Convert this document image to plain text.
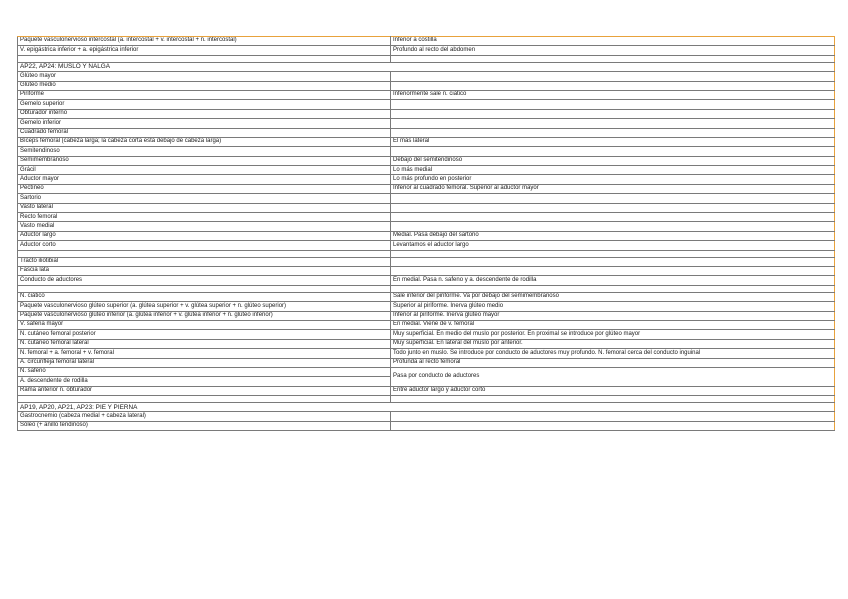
Paquete vasculonervioso intercostal (a. intercostal + v. intercostal + n. intercostal)	Inferior a costilla
V. epigástrica inferior + a. epigástrica inferior	Profundo al recto del abdomen

AP22, AP24: MUSLO Y NALGA	
Glúteo mayor	
Glúteo medio	
Piriforme	Inferiormente sale n. ciático
Gemelo superior	
Obturador interno	
Gemelo inferior	
Cuadrado femoral	
Bíceps femoral (cabeza larga; la cabeza corta está debajo de cabeza larga)	El más lateral
Semitendinoso	
Semimembranoso	Debajo del semitendinoso
Grácil	Lo más medial
Aductor mayor	Lo más profundo en posterior
Pectíneo	Inferior al cuadrado femoral. Superior al aductor mayor
Sartorio	
Vasto lateral	
Recto femoral	
Vasto medial	
Aductor largo	Medial. Pasa debajo del sartorio
Aductor corto	Levantamos el aductor largo

Tracto iliotibial	
Fascia lata	
Conducto de aductores	En medial. Pasa n. safeno y a. descendente de rodilla

N. ciático	Sale inferior del piriforme. Va por debajo del semimembranoso
Paquete vasculonervioso glúteo superior (a. glútea superior + v. glútea superior + n. glúteo superior)	Superior al piriforme. Inerva glúteo medio
Paquete vasculonervioso glúteo inferior (a. glútea inferior + v. glútea inferior + n. glúteo inferior)	Inferior al piriforme. Inerva glúteo mayor
V. safena mayor	En medial. Viene de v. femoral
N. cutáneo femoral posterior	Muy superficial. En medio del muslo por posterior. En proximal se introduce por glúteo mayor
N. cutáneo femoral lateral	Muy superficial. En lateral del muslo por anterior.
N. femoral + a. femoral + v. femoral	Todo junto en muslo. Se introduce por conducto de aductores muy profundo. N. femoral cerca del conducto inguinal
A. circunfleja femoral lateral	Profunda al recto femoral
N. safeno	Pasa por conducto de aductores
A. descendente de rodilla	
Rama anterior n. obturador	Entre aductor largo y aductor corto

AP19, AP20, AP21, AP23: PIE Y PIERNA	
Gastrocnemio (cabeza medial + cabeza lateral)	
Sóleo (+ anillo tendinoso)	
